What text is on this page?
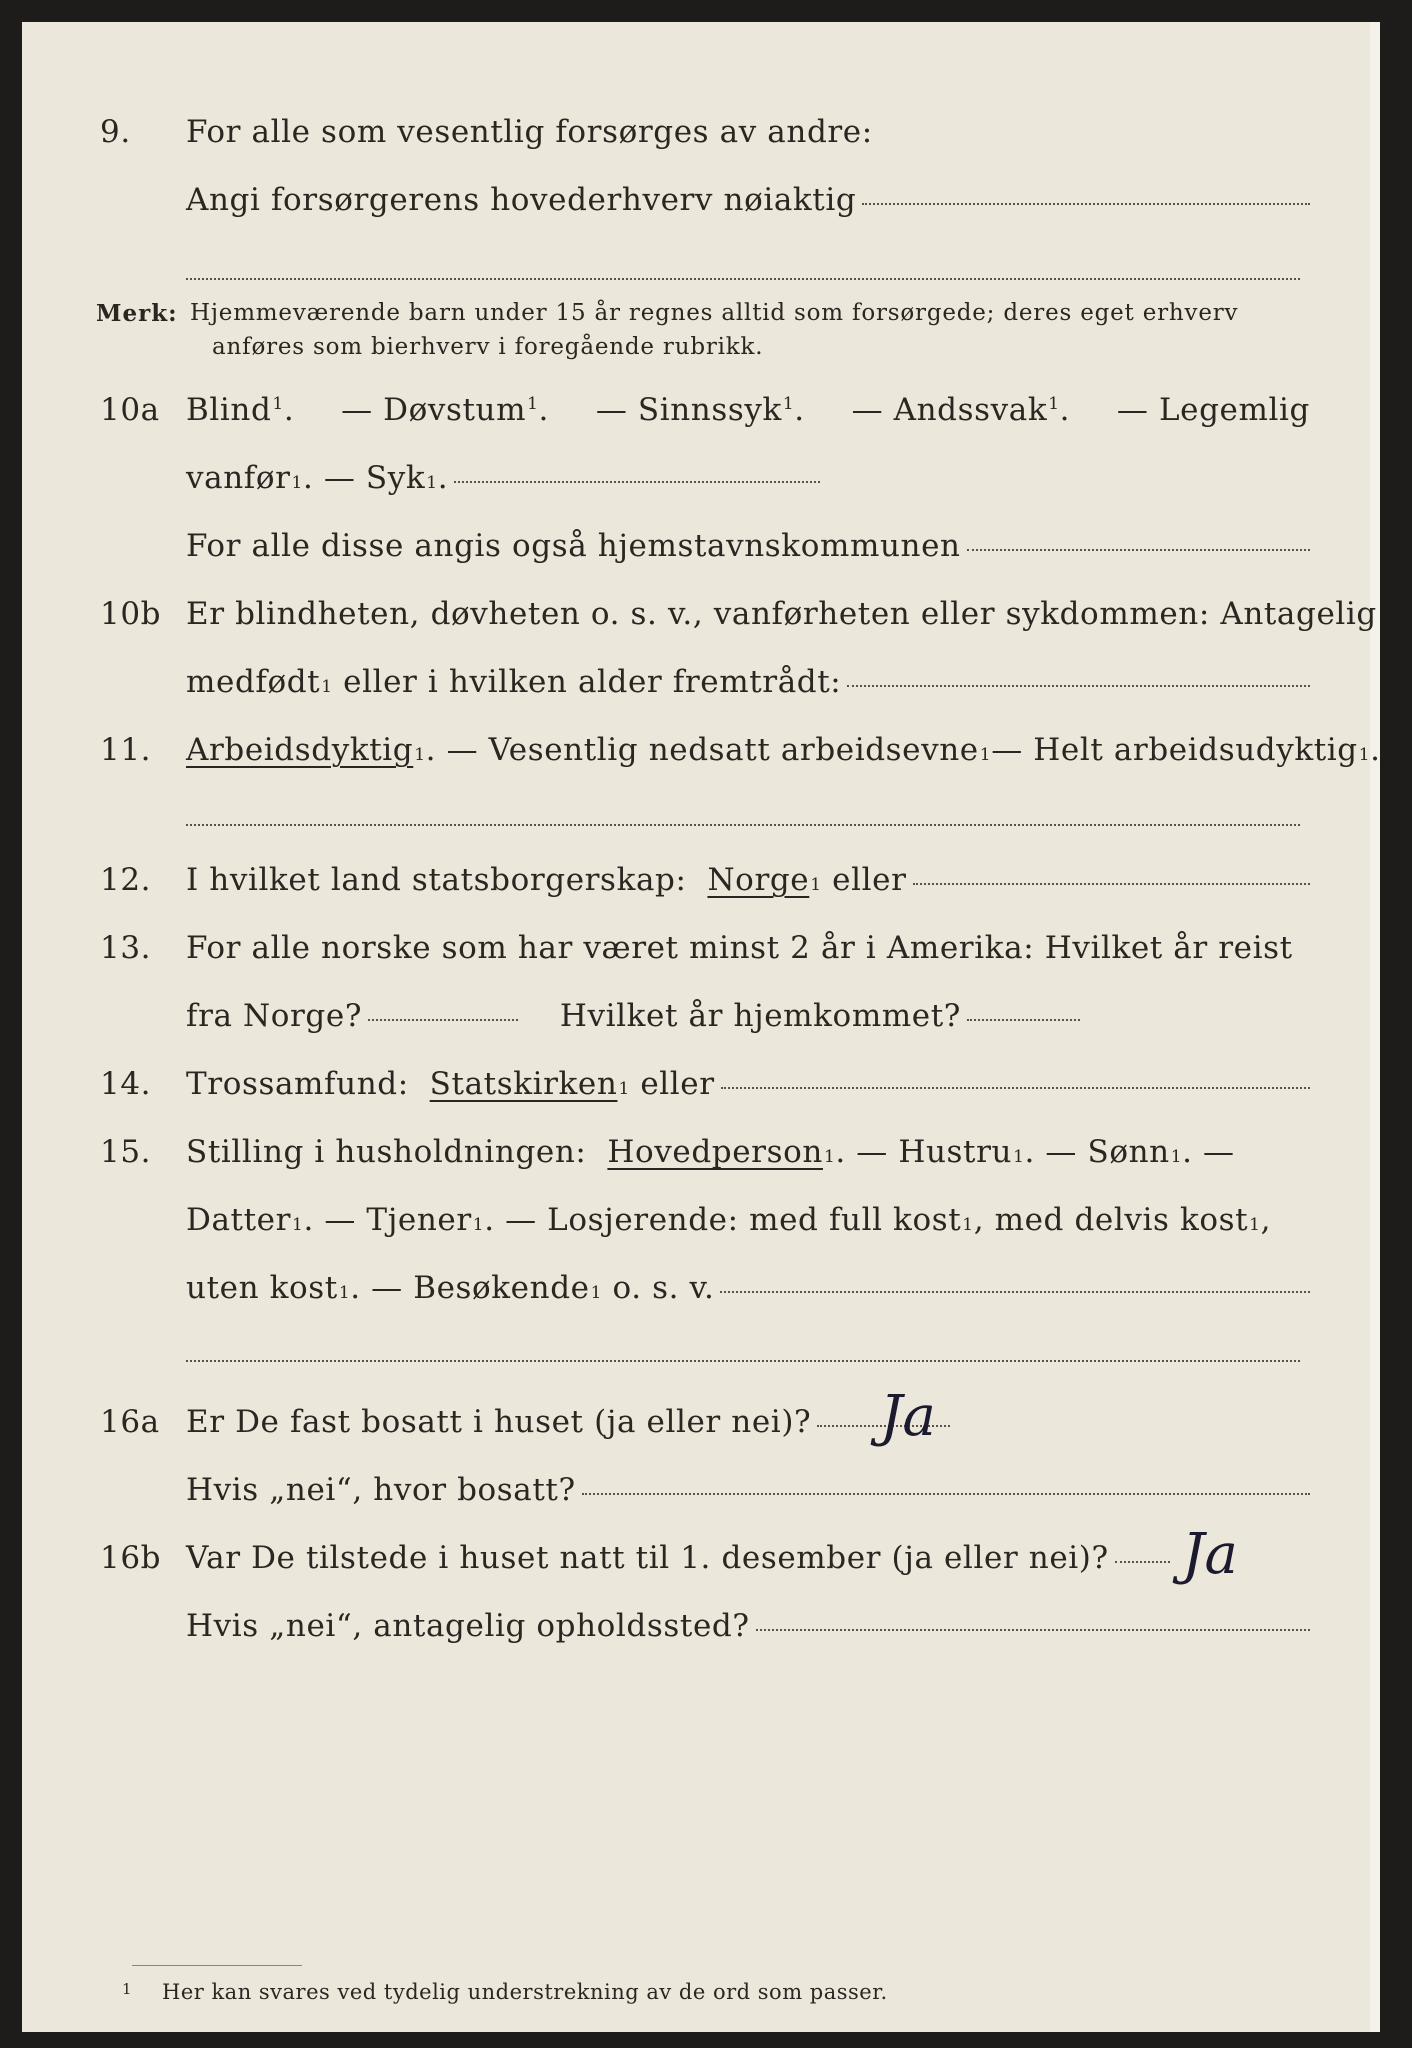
9. For alle som vesentlig forsørges av andre:
Angi forsørgerens hovederhverv nøiaktig
Merk: Hjemmeværende barn under 15 år regnes alltid som forsørgede; deres eget erhverv
anføres som bierhverv i foregående rubrikk.
10a Blind1. — Døvstum1. — Sinnssyk1. — Andssvak1. — Legemlig
vanfør 1 . — Syk 1 .
For alle disse angis også hjemstavnskommunen
10b Er blindheten, døvheten o. s. v., vanførheten eller sykdommen: Antagelig
medfødt 1
eller i hvilken alder fremtrådt:
11. Arbeidsdyktig 1 . — Vesentlig nedsatt arbeidsevne 1 — Helt arbeidsudyktig 1 .
12. I hvilket land statsborgerskap:
Norge 1
eller
13. For alle norske som har været minst 2 år i Amerika: Hvilket år reist
fra Norge?
	Hvilket år hjemkommet?
14. Trossamfund:
Statskirken 1
eller
15. Stilling i husholdningen:
Hovedperson 1 . — Hustru 1 . — Sønn 1 . —
Datter 1 . — Tjener 1 . — Losjerende: med full kost 1 , med delvis kost 1 ,
uten kost 1 . — Besøkende 1
o. s. v.
16a Er De fast bosatt i huset (ja eller nei)? Ja
Hvis „nei“, hvor bosatt?
16b Var De tilstede i huset natt til 1. desember (ja eller nei)? Ja
Hvis „nei“, antagelig opholdssted?
1 Her kan svares ved tydelig understrekning av de ord som passer.
